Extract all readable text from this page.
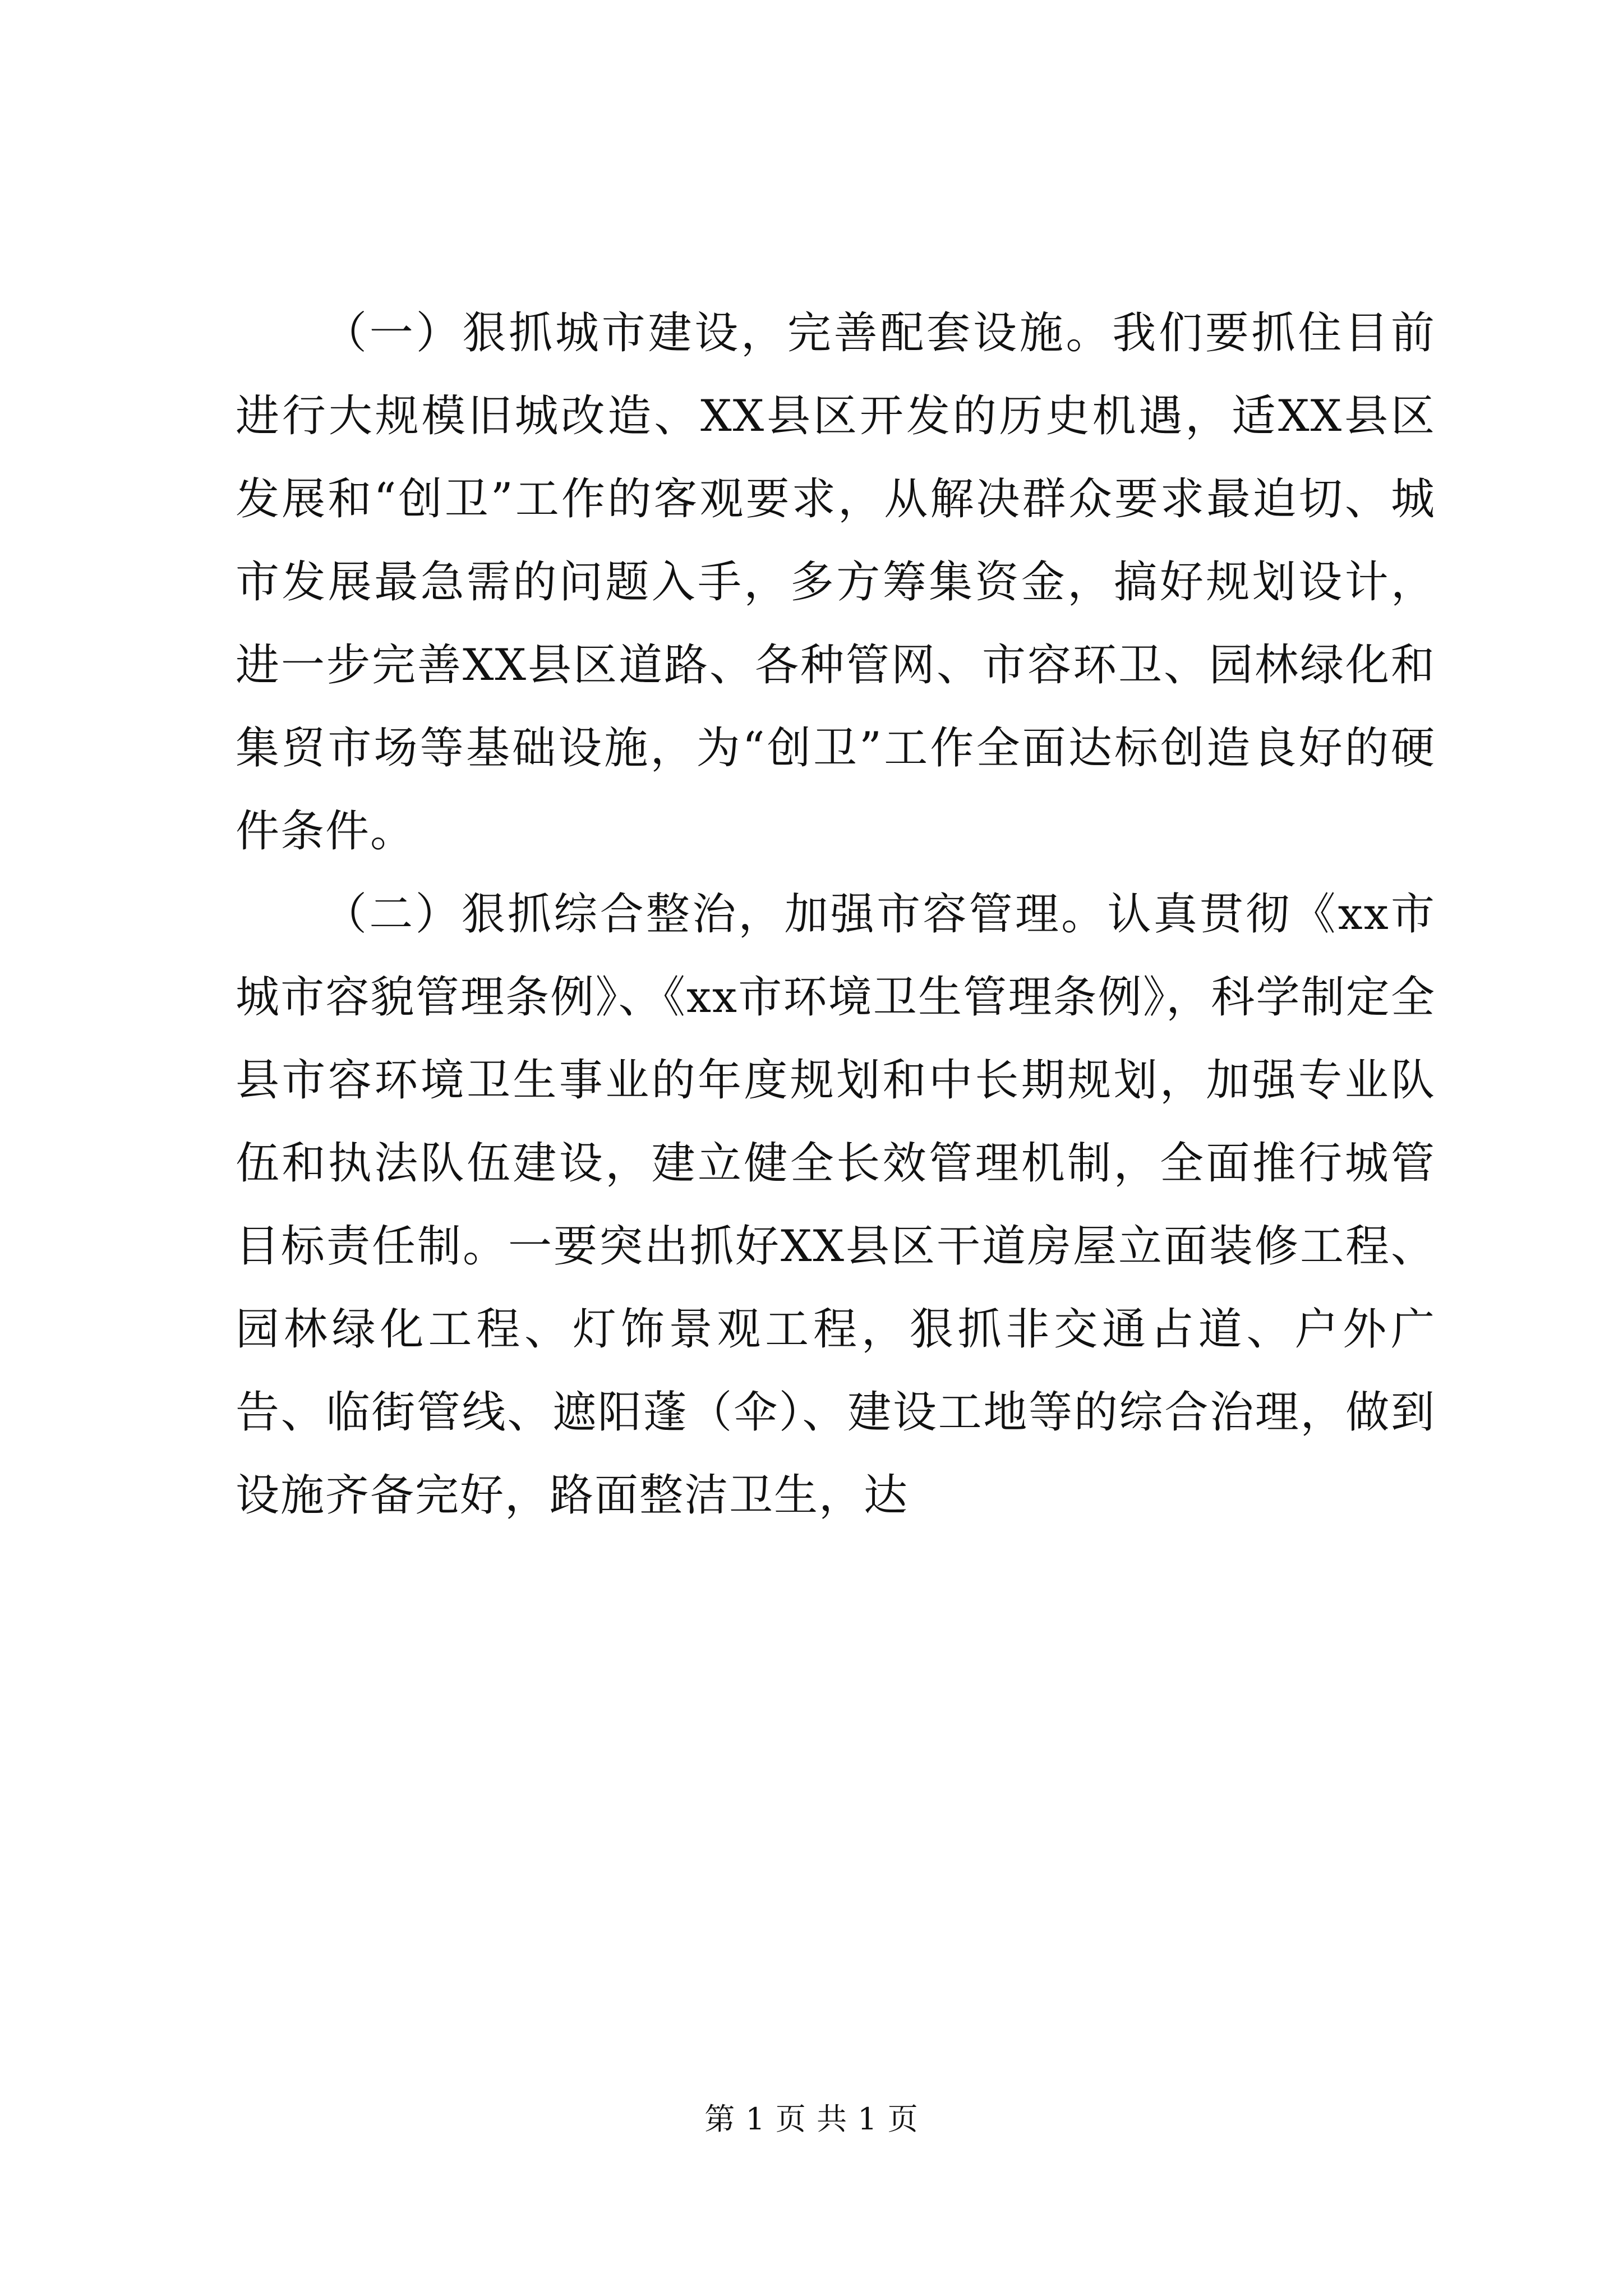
（一）狠抓城市建设，完善配套设施。我们要抓住目前进行大规模旧城改造、XX县区开发的历史机遇，适XX县区发展和“创卫”工作的客观要求，从解决群众要求最迫切、城市发展最急需的问题入手，多方筹集资金，搞好规划设计，进一步完善XX县区道路、各种管网、市容环卫、园林绿化和集贸市场等基础设施，为“创卫”工作全面达标创造良好的硬件条件。

（二）狠抓综合整治，加强市容管理。认真贯彻《xx市城市容貌管理条例》、《xx市环境卫生管理条例》，科学制定全县市容环境卫生事业的年度规划和中长期规划，加强专业队伍和执法队伍建设，建立健全长效管理机制，全面推行城管目标责任制。一要突出抓好XX县区干道房屋立面装修工程、园林绿化工程、灯饰景观工程，狠抓非交通占道、户外广告、临街管线、遮阳蓬（伞）、建设工地等的综合治理，做到设施齐备完好，路面整洁卫生，达

第 1 页 共 1 页
